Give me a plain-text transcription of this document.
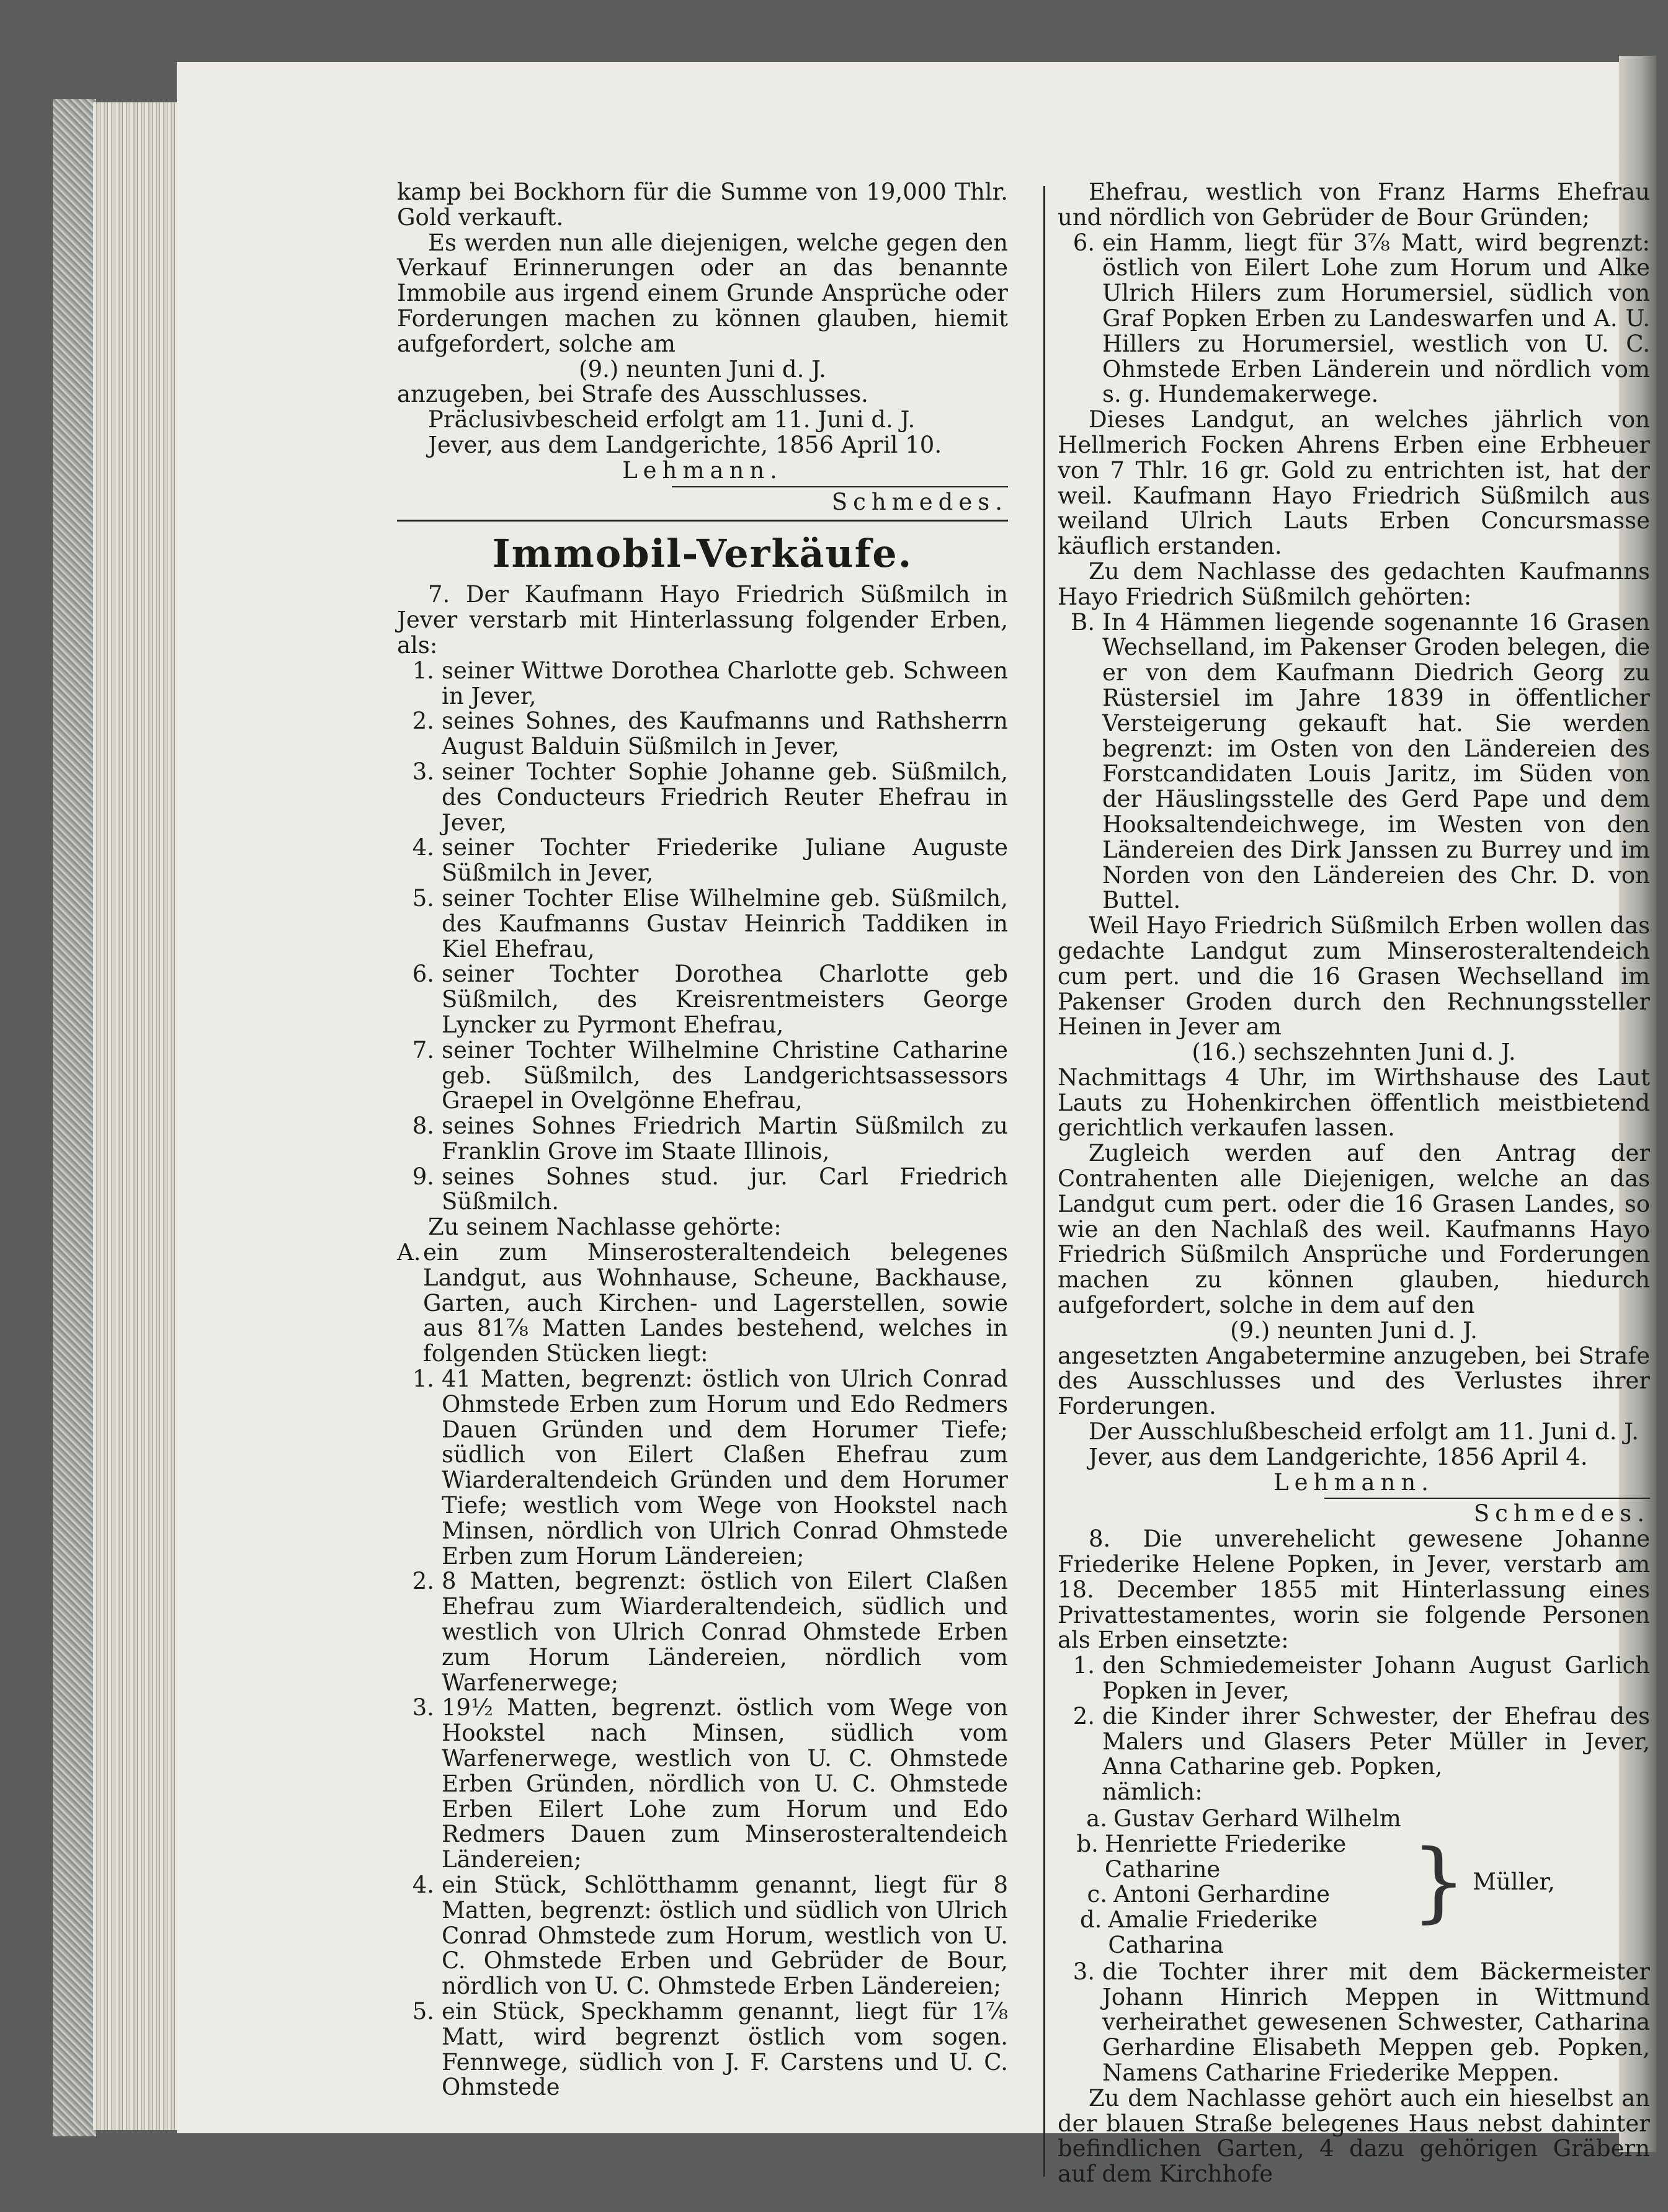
kamp bei Bockhorn für die Summe von 19,000 Thlr. Gold verkauft.

Es werden nun alle diejenigen, welche gegen den Verkauf Erinnerungen oder an das benannte Immobile aus irgend einem Grunde Ansprüche oder Forderungen machen zu können glauben, hiemit aufgefordert, solche am

(9.) neunten Juni d. J.

anzugeben, bei Strafe des Ausschlusses.

Präclusivbescheid erfolgt am 11. Juni d. J.

Jever, aus dem Landgerichte, 1856 April 10.

Lehmann.

Schmedes.

Immobil-Verkäufe.

7. Der Kaufmann Hayo Friedrich Süßmilch in Jever verstarb mit Hinterlassung folgender Erben, als:

1. seiner Wittwe Dorothea Charlotte geb. Schween in Jever,
2. seines Sohnes, des Kaufmanns und Rathsherrn August Balduin Süßmilch in Jever,
3. seiner Tochter Sophie Johanne geb. Süßmilch, des Conducteurs Friedrich Reuter Ehefrau in Jever,
4. seiner Tochter Friederike Juliane Auguste Süßmilch in Jever,
5. seiner Tochter Elise Wilhelmine geb. Süßmilch, des Kaufmanns Gustav Heinrich Taddiken in Kiel Ehefrau,
6. seiner Tochter Dorothea Charlotte geb Süßmilch, des Kreisrentmeisters George Lyncker zu Pyrmont Ehefrau,
7. seiner Tochter Wilhelmine Christine Catharine geb. Süßmilch, des Landgerichtsassessors Graepel in Ovelgönne Ehefrau,
8. seines Sohnes Friedrich Martin Süßmilch zu Franklin Grove im Staate Illinois,
9. seines Sohnes stud. jur. Carl Friedrich Süßmilch.

Zu seinem Nachlasse gehörte:

A. ein zum Minserosteraltendeich belegenes Landgut, aus Wohnhause, Scheune, Backhause, Garten, auch Kirchen- und Lagerstellen, sowie aus 81⅞ Matten Landes bestehend, welches in folgenden Stücken liegt:
1. 41 Matten, begrenzt: östlich von Ulrich Conrad Ohmstede Erben zum Horum und Edo Redmers Dauen Gründen und dem Horumer Tiefe; südlich von Eilert Claßen Ehefrau zum Wiarderaltendeich Gründen und dem Horumer Tiefe; westlich vom Wege von Hookstel nach Minsen, nördlich von Ulrich Conrad Ohmstede Erben zum Horum Ländereien;
2. 8 Matten, begrenzt: östlich von Eilert Claßen Ehefrau zum Wiarderaltendeich, südlich und westlich von Ulrich Conrad Ohmstede Erben zum Horum Ländereien, nördlich vom Warfenerwege;
3. 19½ Matten, begrenzt. östlich vom Wege von Hookstel nach Minsen, südlich vom Warfenerwege, westlich von U. C. Ohmstede Erben Gründen, nördlich von U. C. Ohmstede Erben Eilert Lohe zum Horum und Edo Redmers Dauen zum Minserosteraltendeich Ländereien;
4. ein Stück, Schlötthamm genannt, liegt für 8 Matten, begrenzt: östlich und südlich von Ulrich Conrad Ohmstede zum Horum, westlich von U. C. Ohmstede Erben und Gebrüder de Bour, nördlich von U. C. Ohmstede Erben Ländereien;
5. ein Stück, Speckhamm genannt, liegt für 1⅞ Matt, wird begrenzt östlich vom sogen. Fennwege, südlich von J. F. Carstens und U. C. Ohmstede

Ehefrau, westlich von Franz Harms Ehefrau und nördlich von Gebrüder de Bour Gründen;

6. ein Hamm, liegt für 3⅞ Matt, wird begrenzt: östlich von Eilert Lohe zum Horum und Alke Ulrich Hilers zum Horumersiel, südlich von Graf Popken Erben zu Landeswarfen und A. U. Hillers zu Horumersiel, westlich von U. C. Ohmstede Erben Länderein und nördlich vom s. g. Hundemakerwege.

Dieses Landgut, an welches jährlich von Hellmerich Focken Ahrens Erben eine Erbheuer von 7 Thlr. 16 gr. Gold zu entrichten ist, hat der weil. Kaufmann Hayo Friedrich Süßmilch aus weiland Ulrich Lauts Erben Concursmasse käuflich erstanden.

Zu dem Nachlasse des gedachten Kaufmanns Hayo Friedrich Süßmilch gehörten:

B. In 4 Hämmen liegende sogenannte 16 Grasen Wechselland, im Pakenser Groden belegen, die er von dem Kaufmann Diedrich Georg zu Rüstersiel im Jahre 1839 in öffentlicher Versteigerung gekauft hat. Sie werden begrenzt: im Osten von den Ländereien des Forstcandidaten Louis Jaritz, im Süden von der Häuslingsstelle des Gerd Pape und dem Hooksaltendeichwege, im Westen von den Ländereien des Dirk Janssen zu Burrey und im Norden von den Ländereien des Chr. D. von Buttel.

Weil Hayo Friedrich Süßmilch Erben wollen das gedachte Landgut zum Minserosteraltendeich cum pert. und die 16 Grasen Wechselland im Pakenser Groden durch den Rechnungssteller Heinen in Jever am

(16.) sechszehnten Juni d. J.

Nachmittags 4 Uhr, im Wirthshause des Laut Lauts zu Hohenkirchen öffentlich meistbietend gerichtlich verkaufen lassen.

Zugleich werden auf den Antrag der Contrahenten alle Diejenigen, welche an das Landgut cum pert. oder die 16 Grasen Landes, so wie an den Nachlaß des weil. Kaufmanns Hayo Friedrich Süßmilch Ansprüche und Forderungen machen zu können glauben, hiedurch aufgefordert, solche in dem auf den

(9.) neunten Juni d. J.

angesetzten Angabetermine anzugeben, bei Strafe des Ausschlusses und des Verlustes ihrer Forderungen.

Der Ausschlußbescheid erfolgt am 11. Juni d. J.

Jever, aus dem Landgerichte, 1856 April 4.

Lehmann.

Schmedes.

8. Die unverehelicht gewesene Johanne Friederike Helene Popken, in Jever, verstarb am 18. December 1855 mit Hinterlassung eines Privattestamentes, worin sie folgende Personen als Erben einsetzte:

1. den Schmiedemeister Johann August Garlich Popken in Jever,
2. die Kinder ihrer Schwester, der Ehefrau des Malers und Glasers Peter Müller in Jever, Anna Catharine geb. Popken,

nämlich:

a. Gustav Gerhard Wilhelm
b. Henriette Friederike Catharine
c. Antoni Gerhardine
d. Amalie Friederike Catharina
} Müller,
3. die Tochter ihrer mit dem Bäckermeister Johann Hinrich Meppen in Wittmund verheirathet gewesenen Schwester, Catharina Gerhardine Elisabeth Meppen geb. Popken, Namens Catharine Friederike Meppen.

Zu dem Nachlasse gehört auch ein hieselbst an der blauen Straße belegenes Haus nebst dahinter befindlichen Garten, 4 dazu gehörigen Gräbern auf dem Kirchhofe
